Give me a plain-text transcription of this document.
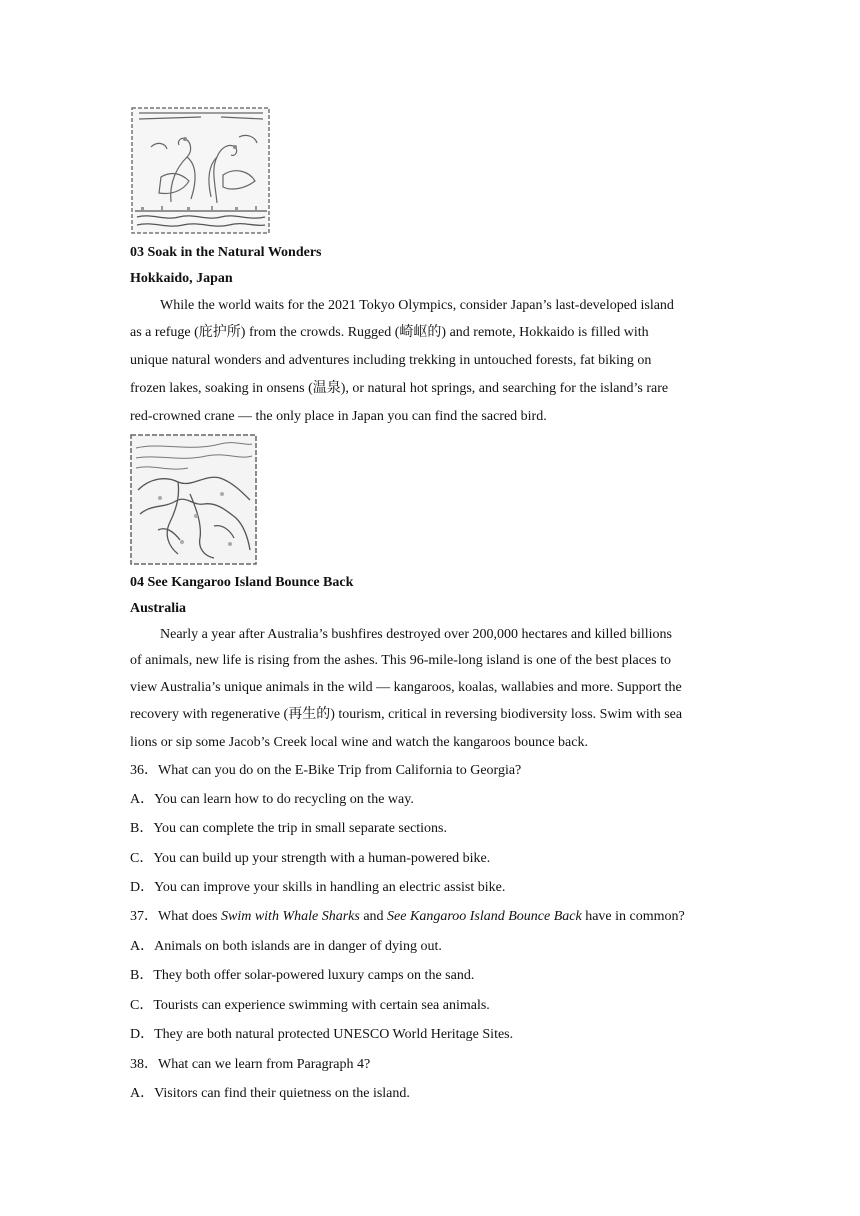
03 Soak in the Natural Wonders
Hokkaido, Japan
While the world waits for the 2021 Tokyo Olympics, consider Japan’s last-developed island
as a refuge (庇护所) from the crowds. Rugged (崎岖的) and remote, Hokkaido is filled with
unique natural wonders and adventures including trekking in untouched forests, fat biking on
frozen lakes, soaking in onsens (温泉), or natural hot springs, and searching for the island’s rare
red-crowned crane — the only place in Japan you can find the sacred bird.
04 See Kangaroo Island Bounce Back
Australia
Nearly a year after Australia’s bushfires destroyed over 200,000 hectares and killed billions
of animals, new life is rising from the ashes. This 96-mile-long island is one of the best places to
view Australia’s unique animals in the wild — kangaroos, koalas, wallabies and more. Support the
recovery with regenerative (再生的) tourism, critical in reversing biodiversity loss. Swim with sea
lions or sip some Jacob’s Creek local wine and watch the kangaroos bounce back.
36．What can you do on the E-Bike Trip from California to Georgia?
A．You can learn how to do recycling on the way.
B．You can complete the trip in small separate sections.
C．You can build up your strength with a human-powered bike.
D．You can improve your skills in handling an electric assist bike.
37．What does Swim with Whale Sharks and See Kangaroo Island Bounce Back have in common?
A．Animals on both islands are in danger of dying out.
B．They both offer solar-powered luxury camps on the sand.
C．Tourists can experience swimming with certain sea animals.
D．They are both natural protected UNESCO World Heritage Sites.
38．What can we learn from Paragraph 4?
A．Visitors can find their quietness on the island.
